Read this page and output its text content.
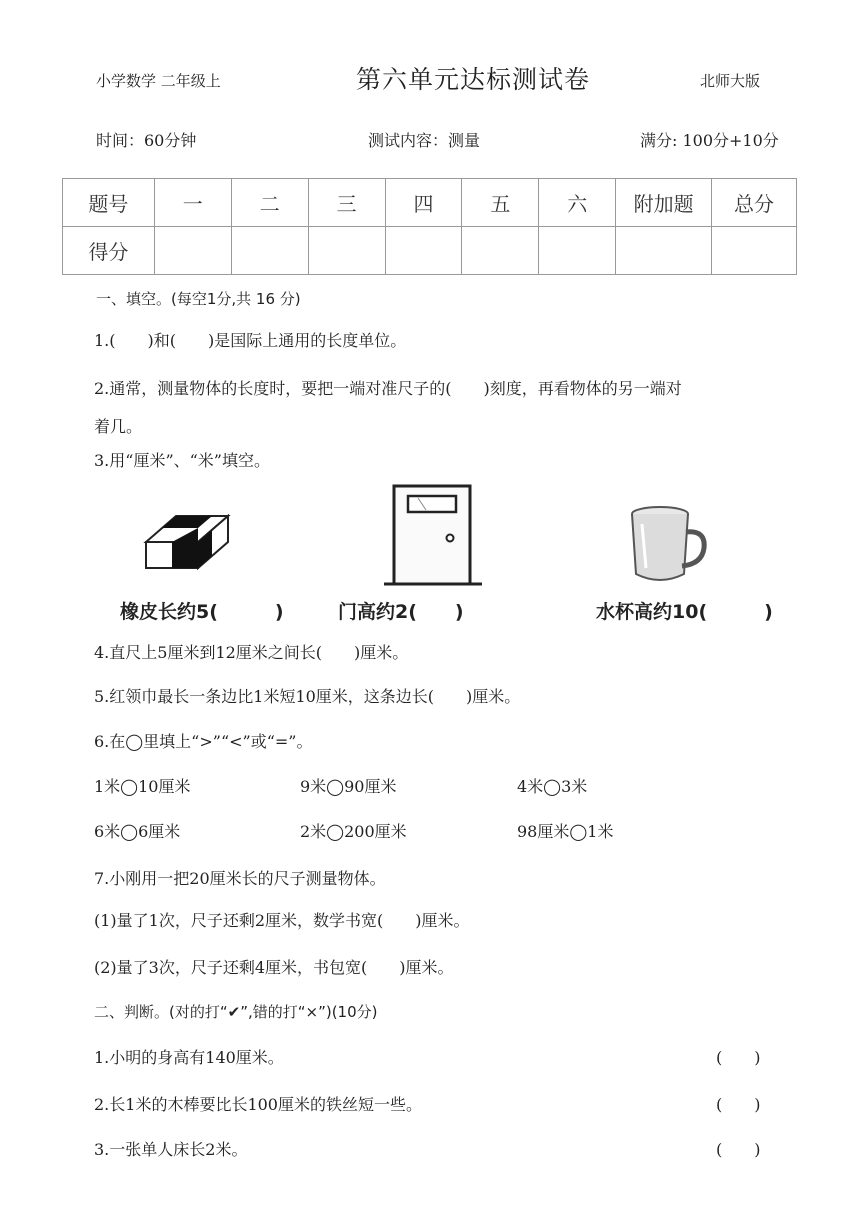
小学数学 二年级上	第六单元达标测试卷	北师大版
时间：60分钟	测试内容：测量	满分: 100分+10分
题号	一	二	三	四	五	六	附加题	总分
得分								
一、填空。(每空1分,共 16 分)
1.(　　)和(　　)是国际上通用的长度单位。
2.通常，测量物体的长度时，要把一端对准尺子的(　　)刻度，再看物体的另一端对
着几。
3.用“厘米”、“米”填空。
橡皮长约5(　　　)	门高约2(　　)	水杯高约10(　　　)
4.直尺上5厘米到12厘米之间长(　　)厘米。
5.红领巾最长一条边比1米短10厘米，这条边长(　　)厘米。
6.在◯里填上“>”“<”或“=”。
1米◯10厘米	9米◯90厘米	4米◯3米
6米◯6厘米	2米◯200厘米	98厘米◯1米
7.小刚用一把20厘米长的尺子测量物体。
(1)量了1次，尺子还剩2厘米，数学书宽(　　)厘米。
(2)量了3次，尺子还剩4厘米，书包宽(　　)厘米。
二、判断。(对的打“✔”,错的打“×”)(10分)
1.小明的身高有140厘米。	(　　)
2.长1米的木棒要比长100厘米的铁丝短一些。	(　　)
3.一张单人床长2米。	(　　)
